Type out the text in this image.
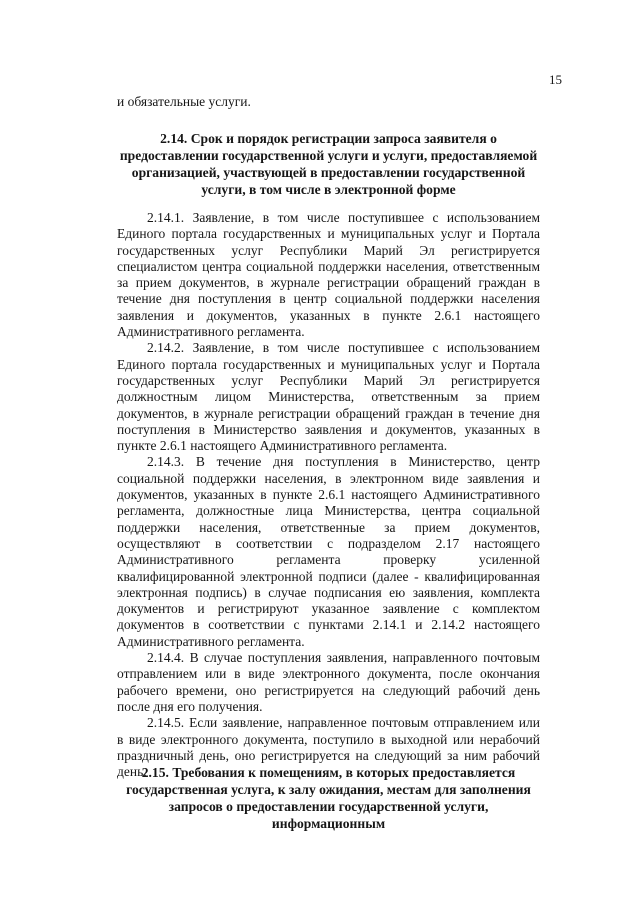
15
и обязательные услуги.
2.14. Срок и порядок регистрации запроса заявителя о предоставлении государственной услуги и услуги, предоставляемой организацией, участвующей в предоставлении государственной услуги, в том числе в электронной форме

2.14.1. Заявление, в том числе поступившее с использованием Единого портала государственных и муниципальных услуг и Портала государственных услуг Республики Марий Эл регистрируется специалистом центра социальной поддержки населения, ответственным за прием документов, в журнале регистрации обращений граждан в течение дня поступления в центр социальной поддержки населения заявления и документов, указанных в пункте 2.6.1 настоящего Административного регламента.

2.14.2. Заявление, в том числе поступившее с использованием Единого портала государственных и муниципальных услуг и Портала государственных услуг Республики Марий Эл регистрируется должностным лицом Министерства, ответственным за прием документов, в журнале регистрации обращений граждан в течение дня поступления в Министерство заявления и документов, указанных в пункте 2.6.1 настоящего Административного регламента.

2.14.3. В течение дня поступления в Министерство, центр социальной поддержки населения, в электронном виде заявления и документов, указанных в пункте 2.6.1 настоящего Административного регламента, должностные лица Министерства, центра социальной поддержки населения, ответственные за прием документов, осуществляют в соответствии с подразделом 2.17 настоящего Административного регламента проверку усиленной квалифицированной электронной подписи (далее - квалифицированная электронная подпись) в случае подписания ею заявления, комплекта документов и регистрируют указанное заявление с комплектом документов в соответствии с пунктами 2.14.1 и 2.14.2 настоящего Административного регламента.

2.14.4. В случае поступления заявления, направленного почтовым отправлением или в виде электронного документа, после окончания рабочего времени, оно регистрируется на следующий рабочий день после дня его получения.

2.14.5. Если заявление, направленное почтовым отправлением или в виде электронного документа, поступило в выходной или нерабочий праздничный день, оно регистрируется на следующий за ним рабочий день.

2.15. Требования к помещениям, в которых предоставляется государственная услуга, к залу ожидания, местам для заполнения запросов о предоставлении государственной услуги, информационным
